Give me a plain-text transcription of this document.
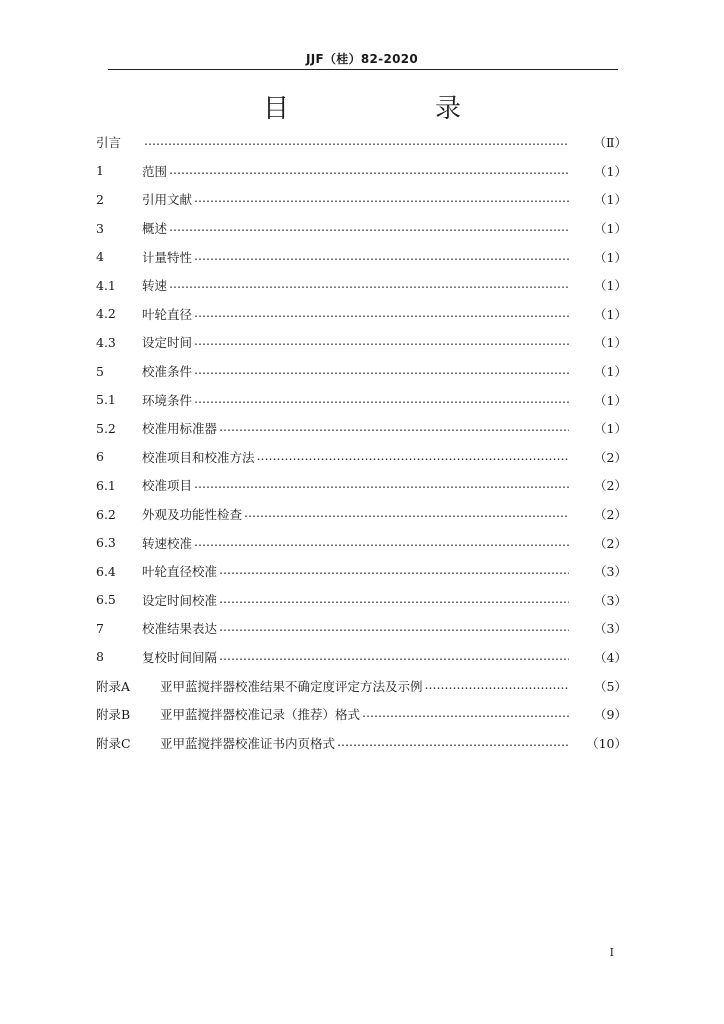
JJF（桂）82-2020
目　录
引言 ………………………………………………………………………………………………………………………………………………	（Ⅱ）
1	范围 ………………………………………………………………………………………………………………………………………………	（1）
2	引用文献 ………………………………………………………………………………………………………………………………………………	（1）
3	概述 ………………………………………………………………………………………………………………………………………………	（1）
4	计量特性 ………………………………………………………………………………………………………………………………………………	（1）
4.1	转速 ………………………………………………………………………………………………………………………………………………	（1）
4.2	叶轮直径 ………………………………………………………………………………………………………………………………………………	（1）
4.3	设定时间 ………………………………………………………………………………………………………………………………………………	（1）
5	校准条件 ………………………………………………………………………………………………………………………………………………	（1）
5.1	环境条件 ………………………………………………………………………………………………………………………………………………	（1）
5.2	校准用标准器 ………………………………………………………………………………………………………………………………………………	（1）
6	校准项目和校准方法 ………………………………………………………………………………………………………………………………………………	（2）
6.1	校准项目 ………………………………………………………………………………………………………………………………………………	（2）
6.2	外观及功能性检查 ………………………………………………………………………………………………………………………………………………	（2）
6.3	转速校准 ………………………………………………………………………………………………………………………………………………	（2）
6.4	叶轮直径校准 ………………………………………………………………………………………………………………………………………………	（3）
6.5	设定时间校准 ………………………………………………………………………………………………………………………………………………	（3）
7	校准结果表达 ………………………………………………………………………………………………………………………………………………	（3）
8	复校时间间隔 ………………………………………………………………………………………………………………………………………………	（4）
附录A	亚甲蓝搅拌器校准结果不确定度评定方法及示例 ………………………………………………………………………………………………………………………………………………	（5）
附录B	亚甲蓝搅拌器校准记录（推荐）格式 ………………………………………………………………………………………………………………………………………………	（9）
附录C	亚甲蓝搅拌器校准证书内页格式 ………………………………………………………………………………………………………………………………………………	（10）
I
